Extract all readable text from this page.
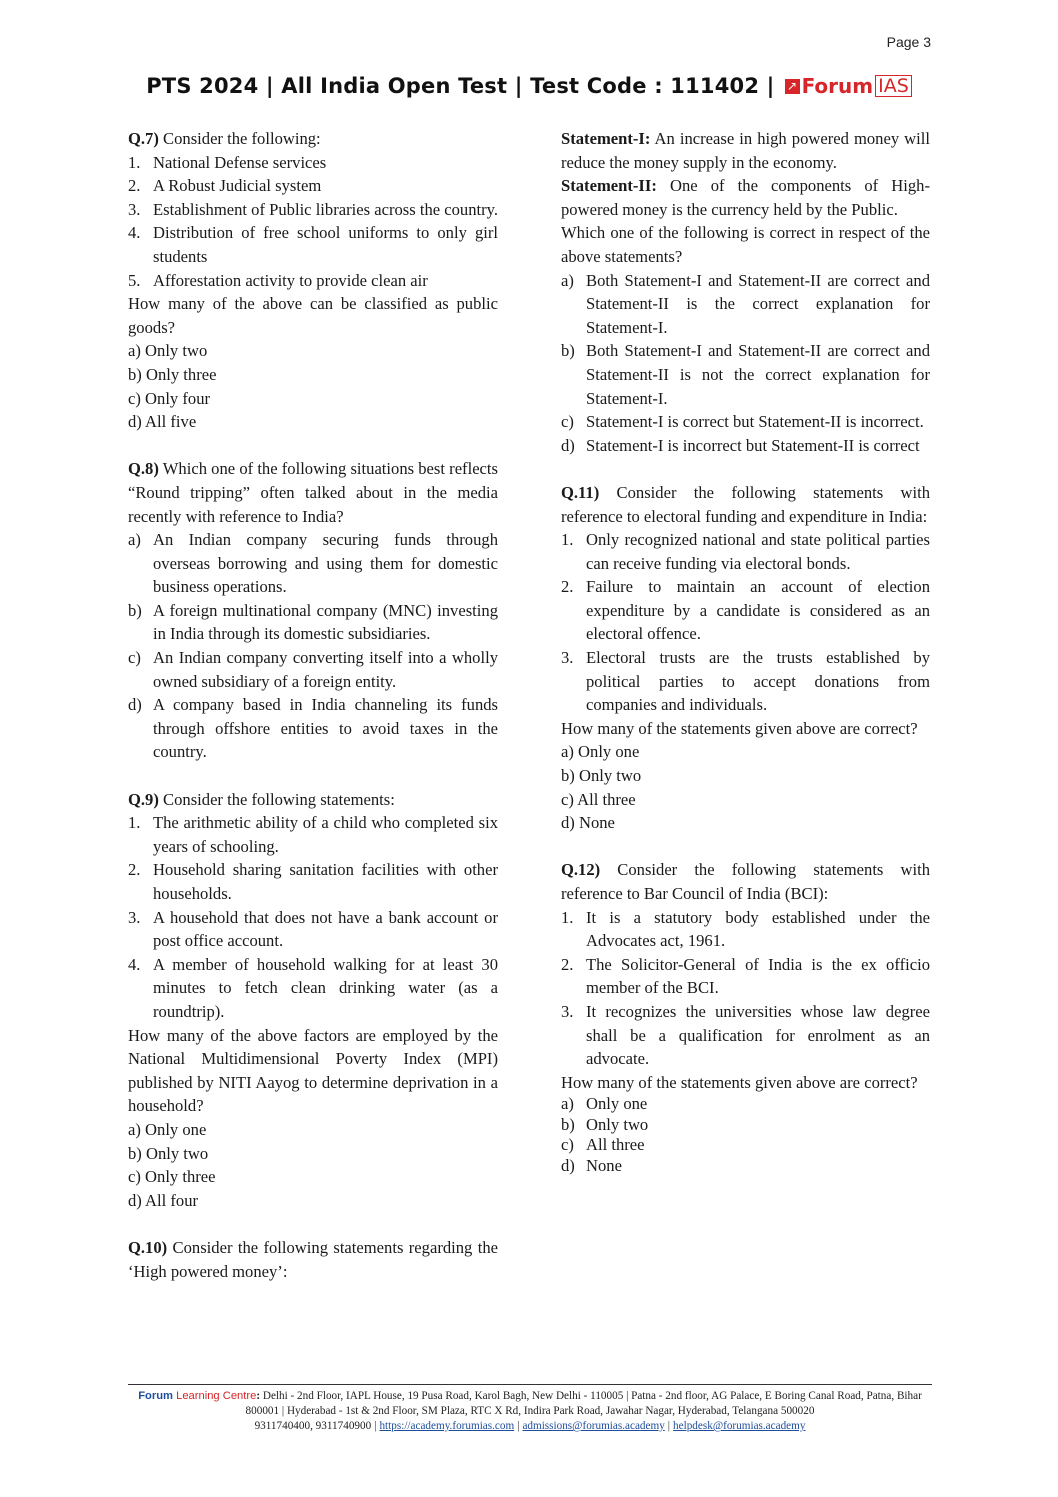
Page 3
PTS 2024 | All India Open Test | Test Code : 111402 | ↗ Forum IAS

Q.7) Consider the following:

1. National Defense services
2. A Robust Judicial system
3. Establishment of Public libraries across the country.
4. Distribution of free school uniforms to only girl students
5. Afforestation activity to provide clean air

How many of the above can be classified as public goods?

a) Only two
b) Only three
c) Only four
d) All five

Q.8) Which one of the following situations best reflects “Round tripping” often talked about in the media recently with reference to India?

a) An Indian company securing funds through overseas borrowing and using them for domestic business operations.
b) A foreign multinational company (MNC) investing in India through its domestic subsidiaries.
c) An Indian company converting itself into a wholly owned subsidiary of a foreign entity.
d) A company based in India channeling its funds through offshore entities to avoid taxes in the country.

Q.9) Consider the following statements:

1. The arithmetic ability of a child who completed six years of schooling.
2. Household sharing sanitation facilities with other households.
3. A household that does not have a bank account or post office account.
4. A member of household walking for at least 30 minutes to fetch clean drinking water (as a roundtrip).

How many of the above factors are employed by the National Multidimensional Poverty Index (MPI) published by NITI Aayog to determine deprivation in a household?

a) Only one
b) Only two
c) Only three
d) All four

Q.10) Consider the following statements regarding the ‘High powered money’:

Statement-I: An increase in high powered money will reduce the money supply in the economy.

Statement-II: One of the components of High-powered money is the currency held by the Public.

Which one of the following is correct in respect of the above statements?

a) Both Statement-I and Statement-II are correct and Statement-II is the correct explanation for Statement-I.
b) Both Statement-I and Statement-II are correct and Statement-II is not the correct explanation for Statement-I.
c) Statement-I is correct but Statement-II is incorrect.
d) Statement-I is incorrect but Statement-II is correct

Q.11) Consider the following statements with reference to electoral funding and expenditure in India:

1. Only recognized national and state political parties can receive funding via electoral bonds.
2. Failure to maintain an account of election expenditure by a candidate is considered as an electoral offence.
3. Electoral trusts are the trusts established by political parties to accept donations from companies and individuals.

How many of the statements given above are correct?

a) Only one
b) Only two
c) All three
d) None

Q.12) Consider the following statements with reference to Bar Council of India (BCI):

1. It is a statutory body established under the Advocates act, 1961.
2. The Solicitor-General of India is the ex officio member of the BCI.
3. It recognizes the universities whose law degree shall be a qualification for enrolment as an advocate.

How many of the statements given above are correct?

a) Only one
b) Only two
c) All three
d) None
Forum Learning Centre: Delhi - 2nd Floor, IAPL House, 19 Pusa Road, Karol Bagh, New Delhi - 110005 | Patna - 2nd floor, AG Palace, E Boring Canal Road, Patna, Bihar 800001 | Hyderabad - 1st & 2nd Floor, SM Plaza, RTC X Rd, Indira Park Road, Jawahar Nagar, Hyderabad, Telangana 500020
9311740400, 9311740900 | https://academy.forumias.com | admissions@forumias.academy | helpdesk@forumias.academy
